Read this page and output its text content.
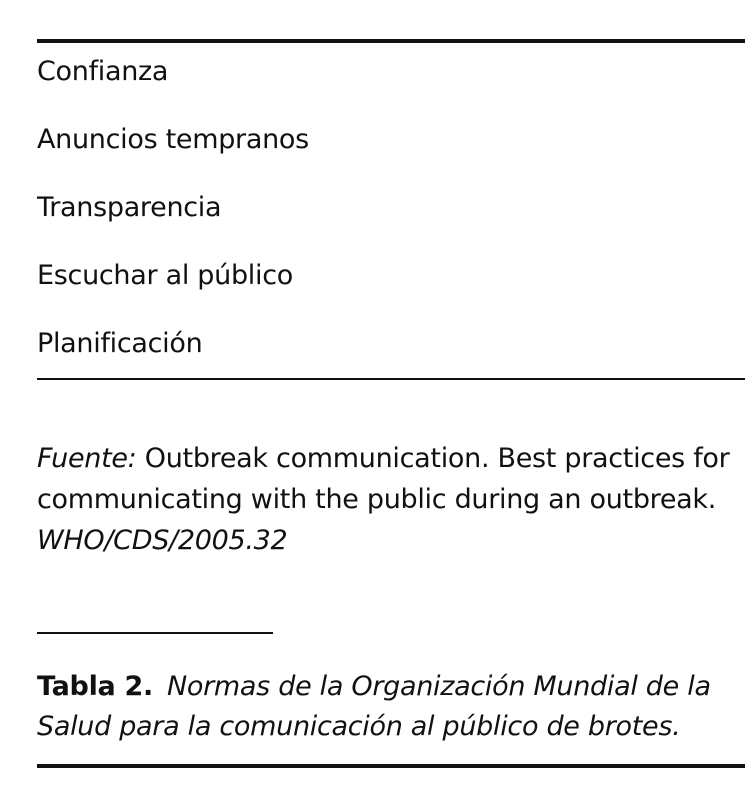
Confianza
Anuncios tempranos
Transparencia
Escuchar al público
Planificación
Fuente: Outbreak communication. Best practices for communicating with the public during an outbreak.
WHO/CDS/2005.32
Tabla 2. Normas de la Organización Mundial de la Salud para la comunicación al público de brotes.
